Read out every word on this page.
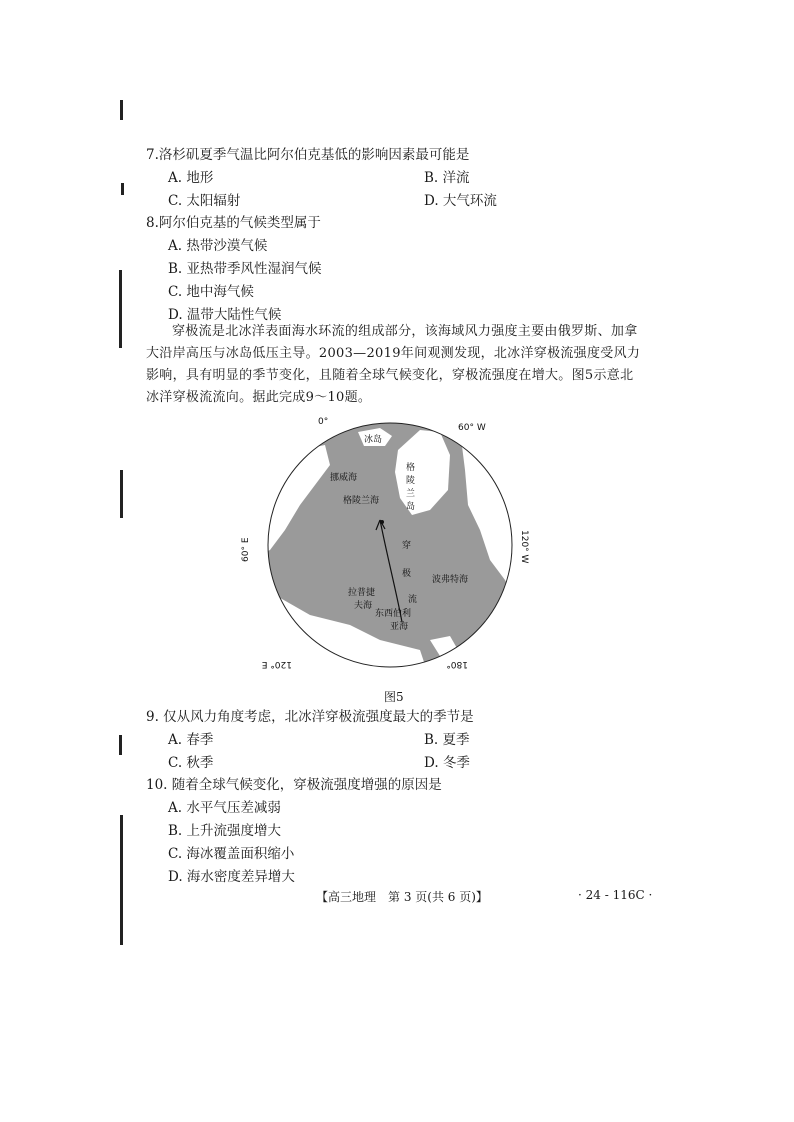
7.洛杉矶夏季气温比阿尔伯克基低的影响因素最可能是
A. 地形	B. 洋流
C. 太阳辐射	D. 大气环流
8.阿尔伯克基的气候类型属于
A. 热带沙漠气候
B. 亚热带季风性湿润气候
C. 地中海气候
D. 温带大陆性气候
穿极流是北冰洋表面海水环流的组成部分，该海域风力强度主要由俄罗斯、加拿大沿岸高压与冰岛低压主导。2003—2019年间观测发现，北冰洋穿极流强度受风力影响，具有明显的季节变化，且随着全球气候变化，穿极流强度在增大。图5示意北冰洋穿极流流向。据此完成9～10题。
冰岛
挪威海
格陵兰海
格
陵
兰
岛
穿
极
流
波弗特海
拉普捷
夫海
东西伯利
亚海
0°
60° W
120° W
60° E
120° E	180°
图5
9. 仅从风力角度考虑，北冰洋穿极流强度最大的季节是
A. 春季	B. 夏季
C. 秋季	D. 冬季
10. 随着全球气候变化，穿极流强度增强的原因是
A. 水平气压差减弱
B. 上升流强度增大
C. 海冰覆盖面积缩小
D. 海水密度差异增大
【高三地理　第 3 页(共 6 页)】	· 24 - 116C ·
